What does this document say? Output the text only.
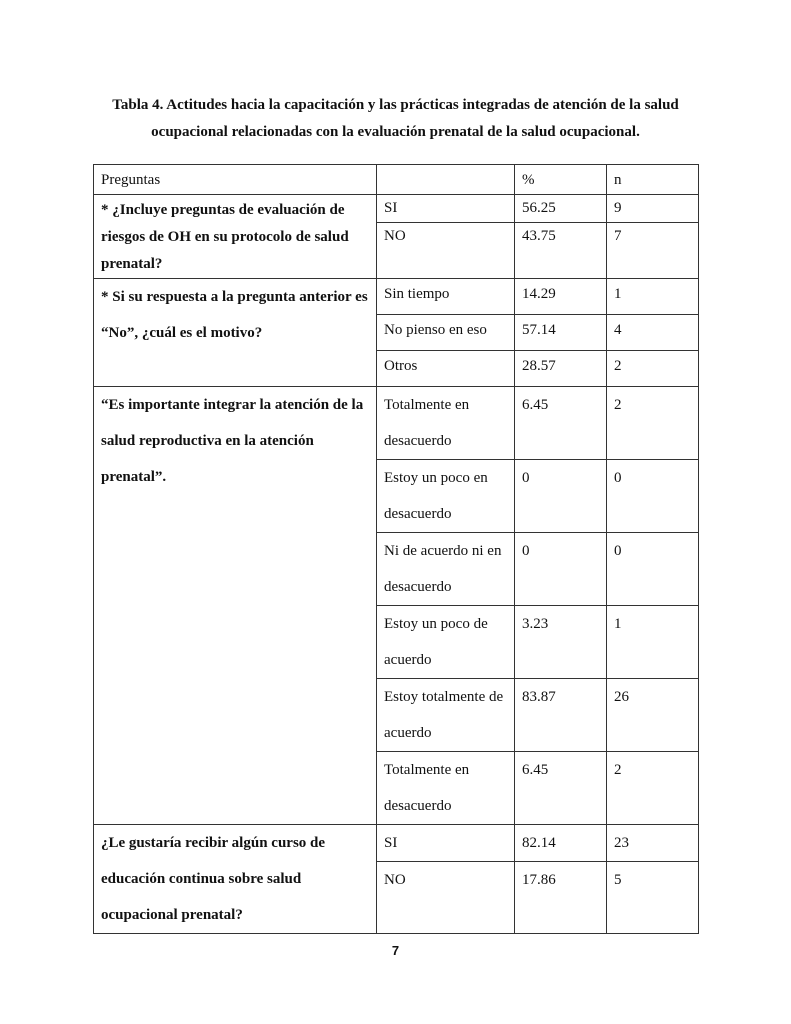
Tabla 4. Actitudes hacia la capacitación y las prácticas integradas de atención de la salud
ocupacional relacionadas con la evaluación prenatal de la salud ocupacional.
Preguntas		%	n
* ¿Incluye preguntas de evaluación de riesgos de OH en su protocolo de salud prenatal?	SI	56.25	9
	NO	43.75	7
* Si su respuesta a la pregunta anterior es “No”, ¿cuál es el motivo?	Sin tiempo	14.29	1
	No pienso en eso	57.14	4
	Otros	28.57	2
“Es importante integrar la atención de la salud reproductiva en la atención prenatal”.	Totalmente en desacuerdo	6.45	2
	Estoy un poco en desacuerdo	0	0
	Ni de acuerdo ni en desacuerdo	0	0
	Estoy un poco de acuerdo	3.23	1
	Estoy totalmente de acuerdo	83.87	26
	Totalmente en desacuerdo	6.45	2
¿Le gustaría recibir algún curso de educación continua sobre salud ocupacional prenatal?	SI	82.14	23
	NO	17.86	5
7
